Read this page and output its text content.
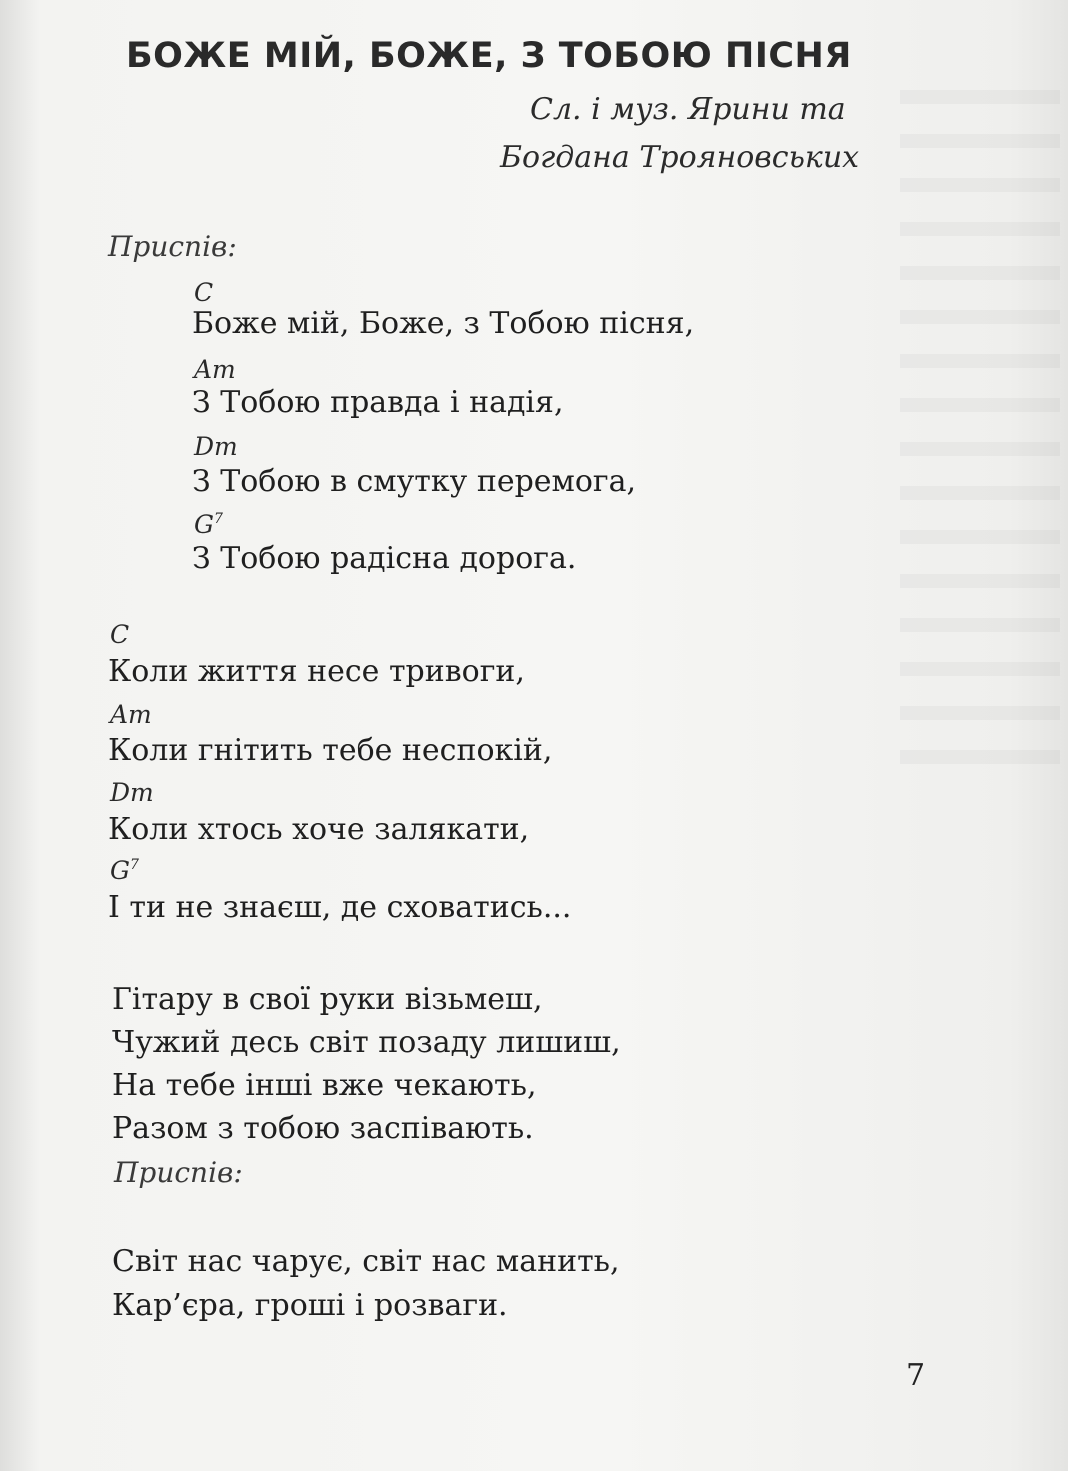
БОЖЕ МІЙ, БОЖЕ, З ТОБОЮ ПІСНЯ
Сл. і муз. Ярини та
Богдана Трояновських
Приспів:
C
Боже мій, Боже, з Тобою пісня,
Am
З Тобою правда і надія,
Dm
З Тобою в смутку перемога,
$G^7$
З Тобою радісна дорога.
C
Коли життя несе тривоги,
Am
Коли гнітить тебе неспокій,
Dm
Коли хтось хоче залякати,
$G^7$
І ти не знаєш, де сховатись...
Гітару в свої руки візьмеш,
Чужий десь світ позаду лишиш,
На тебе інші вже чекають,
Разом з тобою заспівають.
Приспів:
Світ нас чарує, світ нас манить,
Кар’єра, гроші і розваги.
7
